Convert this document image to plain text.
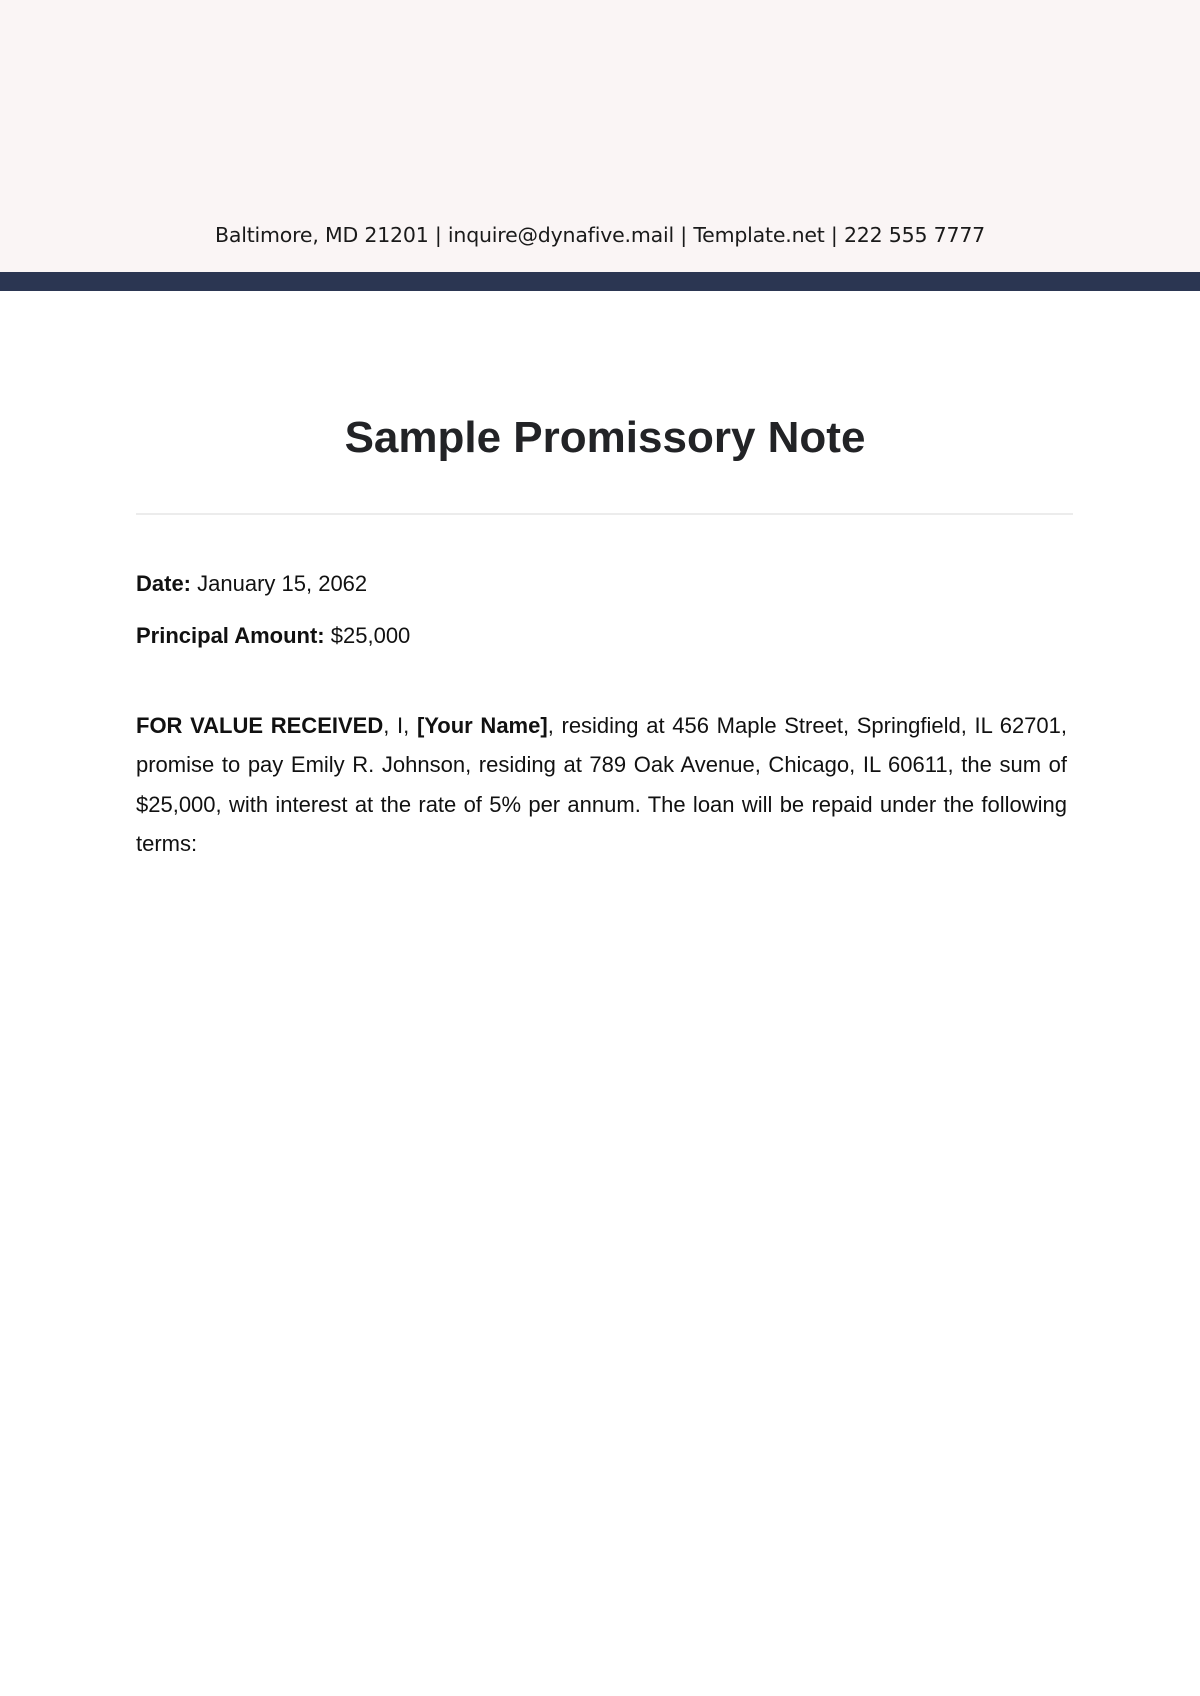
Baltimore, MD 21201 | inquire@dynafive.mail | Template.net | 222 555 7777
Sample Promissory Note
Date: January 15, 2062
Principal Amount: $25,000

FOR VALUE RECEIVED, I, [Your Name], residing at 456 Maple Street, Springfield, IL 62701, promise to pay Emily R. Johnson, residing at 789 Oak Avenue, Chicago, IL 60611, the sum of $25,000, with interest at the rate of 5% per annum. The loan will be repaid under the following terms:
